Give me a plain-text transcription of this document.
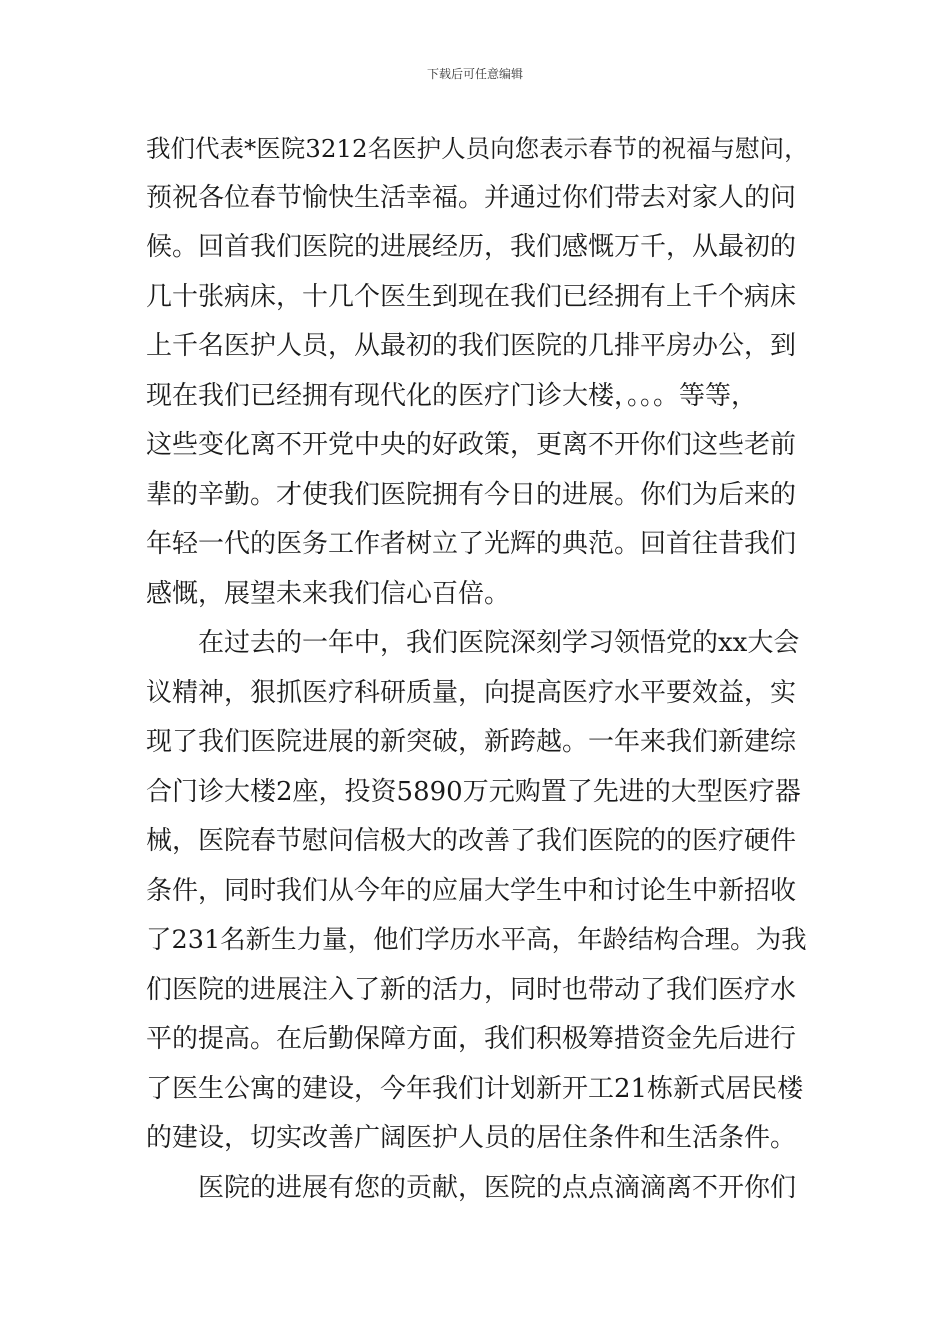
下载后可任意编辑
我们代表*医院3212名医护人员向您表示春节的祝福与慰问，
预祝各位春节愉快生活幸福。并通过你们带去对家人的问
候。回首我们医院的进展经历，我们感慨万千，从最初的
几十张病床，十几个医生到现在我们已经拥有上千个病床
上千名医护人员，从最初的我们医院的几排平房办公，到
现在我们已经拥有现代化的医疗门诊大楼，。。。等等，
这些变化离不开党中央的好政策，更离不开你们这些老前
辈的辛勤。才使我们医院拥有今日的进展。你们为后来的
年轻一代的医务工作者树立了光辉的典范。回首往昔我们
感慨，展望未来我们信心百倍。
在过去的一年中，我们医院深刻学习领悟党的xx大会
议精神，狠抓医疗科研质量，向提高医疗水平要效益，实
现了我们医院进展的新突破，新跨越。一年来我们新建综
合门诊大楼2座，投资5890万元购置了先进的大型医疗器
械，医院春节慰问信极大的改善了我们医院的的医疗硬件
条件，同时我们从今年的应届大学生中和讨论生中新招收
了231名新生力量，他们学历水平高，年龄结构合理。为我
们医院的进展注入了新的活力，同时也带动了我们医疗水
平的提高。在后勤保障方面，我们积极筹措资金先后进行
了医生公寓的建设，今年我们计划新开工21栋新式居民楼
的建设，切实改善广阔医护人员的居住条件和生活条件。
医院的进展有您的贡献，医院的点点滴滴离不开你们
